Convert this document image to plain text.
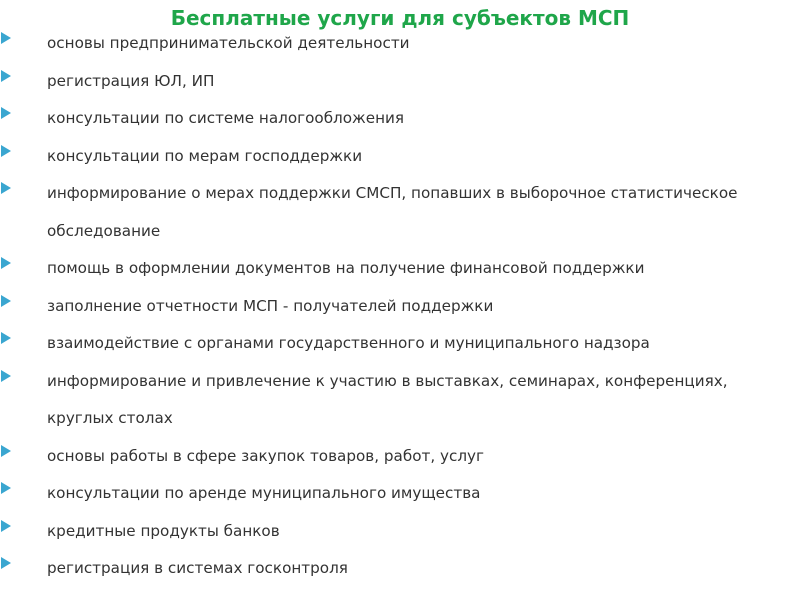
Бесплатные услуги для субъектов МСП
основы предпринимательской деятельности
регистрация ЮЛ, ИП
консультации по системе налогообложения
консультации по мерам господдержки
информирование о мерах поддержки СМСП, попавших в выборочное статистическое обследование
помощь в оформлении документов на получение финансовой поддержки
заполнение отчетности МСП - получателей поддержки
взаимодействие с органами государственного и муниципального надзора
информирование и привлечение к участию в выставках, семинарах, конференциях, круглых столах
основы работы в сфере закупок товаров, работ, услуг
консультации по аренде муниципального имущества
кредитные продукты банков
регистрация в системах госконтроля
